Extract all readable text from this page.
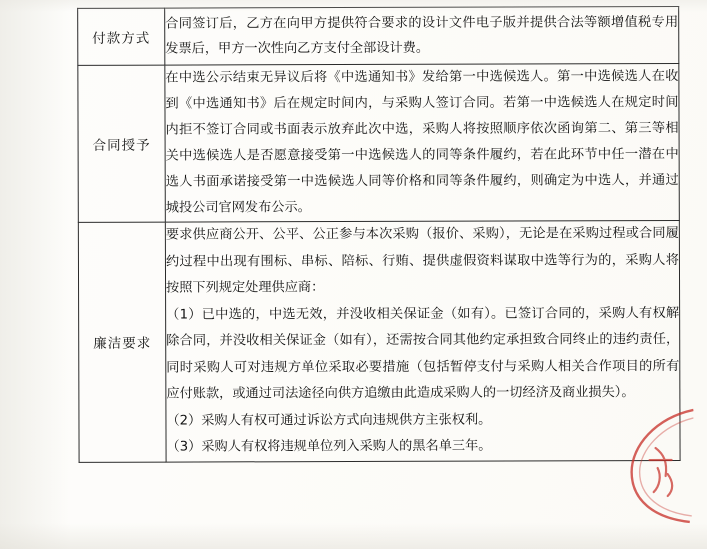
付款方式	合同签订后，乙方在向甲方提供符合要求的设计文件电子版并提供合法等额增值税专用发票后，甲方一次性向乙方支付全部设计费。

合同授予	在中选公示结束无异议后将《中选通知书》发给第一中选候选人。第一中选候选人在收到《中选通知书》后在规定时间内，与采购人签订合同。若第一中选候选人在规定时间内拒不签订合同或书面表示放弃此次中选，采购人将按照顺序依次函询第二、第三等相关中选候选人是否愿意接受第一中选候选人的同等条件履约，若在此环节中任一潜在中选人书面承诺接受第一中选候选人同等价格和同等条件履约，则确定为中选人，并通过城投公司官网发布公示。

廉洁要求	要求供应商公开、公平、公正参与本次采购（报价、采购），无论是在采购过程或合同履约过程中出现有围标、串标、陪标、行贿、提供虚假资料谋取中选等行为的，采购人将按照下列规定处理供应商：

（1）已中选的，中选无效，并没收相关保证金（如有）。已签订合同的，采购人有权解除合同，并没收相关保证金（如有），还需按合同其他约定承担致合同终止的违约责任，同时采购人可对违规方单位采取必要措施（包括暂停支付与采购人相关合作项目的所有应付账款，或通过司法途径向供方追缴由此造成采购人的一切经济及商业损失）。

（2）采购人有权可通过诉讼方式向违规供方主张权利。

（3）采购人有权将违规单位列入采购人的黑名单三年。
